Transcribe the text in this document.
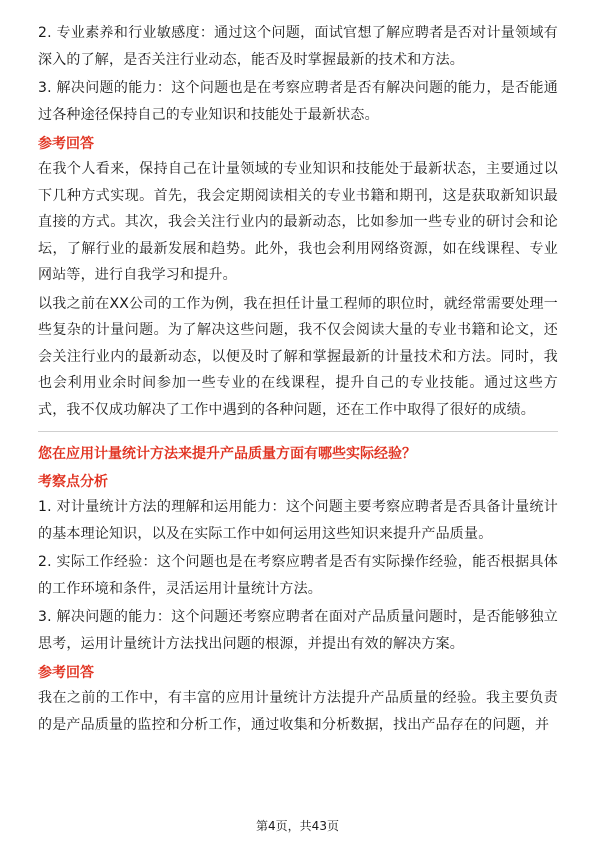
2. 专业素养和行业敏感度：通过这个问题，面试官想了解应聘者是否对计量领域有深入的了解，是否关注行业动态，能否及时掌握最新的技术和方法。

3. 解决问题的能力：这个问题也是在考察应聘者是否有解决问题的能力，是否能通过各种途径保持自己的专业知识和技能处于最新状态。

参考回答

在我个人看来，保持自己在计量领域的专业知识和技能处于最新状态，主要通过以下几种方式实现。首先，我会定期阅读相关的专业书籍和期刊，这是获取新知识最直接的方式。其次，我会关注行业内的最新动态，比如参加一些专业的研讨会和论坛，了解行业的最新发展和趋势。此外，我也会利用网络资源，如在线课程、专业网站等，进行自我学习和提升。

以我之前在XX公司的工作为例，我在担任计量工程师的职位时，就经常需要处理一些复杂的计量问题。为了解决这些问题，我不仅会阅读大量的专业书籍和论文，还会关注行业内的最新动态，以便及时了解和掌握最新的计量技术和方法。同时，我也会利用业余时间参加一些专业的在线课程，提升自己的专业技能。通过这些方式，我不仅成功解决了工作中遇到的各种问题，还在工作中取得了很好的成绩。

您在应用计量统计方法来提升产品质量方面有哪些实际经验？
考察点分析

1. 对计量统计方法的理解和运用能力：这个问题主要考察应聘者是否具备计量统计的基本理论知识，以及在实际工作中如何运用这些知识来提升产品质量。

2. 实际工作经验：这个问题也是在考察应聘者是否有实际操作经验，能否根据具体的工作环境和条件，灵活运用计量统计方法。

3. 解决问题的能力：这个问题还考察应聘者在面对产品质量问题时，是否能够独立思考，运用计量统计方法找出问题的根源，并提出有效的解决方案。

参考回答

我在之前的工作中，有丰富的应用计量统计方法提升产品质量的经验。我主要负责的是产品质量的监控和分析工作，通过收集和分析数据，找出产品存在的问题，并

第4页，共43页
